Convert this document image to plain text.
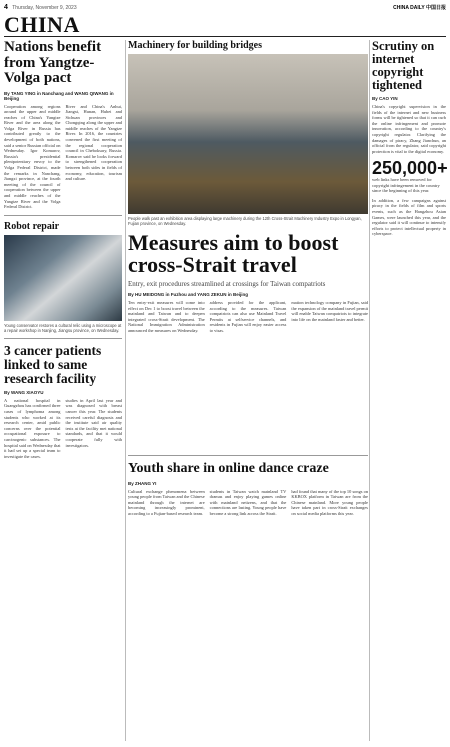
4 Thursday, November 9, 2023	CHINA DAILY 中国日报
CHINA
Nations benefit from Yangtze-Volga pact
By TANG YING in Nanchang and WANG QIWANG in Beijing
Cooperation among regions around the upper and middle reaches of China's Yangtze River and the area along the Volga River in Russia has contributed greatly to the development of both nations, said a senior Russian official on Wednesday. Igor Komarov, Russia's presidential plenipotentiary envoy to the Volga Federal District, made the remarks in Nanchang, Jiangxi province, at the fourth meeting of the council of cooperation between the upper and middle reaches of the Yangtze River and the Volga Federal District.
River and China's Anhui, Jiangxi, Hunan, Hubei and Sichuan provinces and Chongqing along the upper and middle reaches of the Yangtze River. In 2016, the countries convened the first meeting of the regional cooperation council in Cheboksary, Russia. Komarov said he looks forward to strengthened cooperation between both sides in fields of economy, education, tourism and culture.
Robot repair
Young conservator restores a cultural relic using a microscope at a repair workshop in Nanjing, Jiangsu province, on Wednesday.
3 cancer patients linked to same research facility
By WANG XIAOYU
A national hospital in Guangzhou has confirmed three cases of lymphoma among students who worked at its research center, amid public concerns over the potential occupational exposure to carcinogenic substances. The hospital said on Wednesday that it had set up a special team to investigate the cases.
studies in April last year and was diagnosed with breast cancer this year. The students received careful diagnosis and the institute said air quality tests at the facility met national standards, and that it would cooperate fully with investigators.
Machinery for building bridges
People walk past an exhibition area displaying large machinery during the 12th Cross-Strait Machinery Industry Expo in Longyan, Fujian province, on Wednesday.
Measures aim to boost cross-Strait travel
Entry, exit procedures streamlined at crossings for Taiwan compatriots
By HU MEIDONG in Fuzhou and YANG ZEKUN in Beijing
Ten entry-exit measures will come into effect on Dec 1 to boost travel between the mainland and Taiwan and to deepen integrated cross-Strait development. The National Immigration Administration announced the measures on Wednesday.
address provided for the applicant, according to the measures. Taiwan compatriots can also use Mainland Travel Permits at selfservice channels, and residents in Fujian will enjoy easier access to visas.
mation technology company in Fujian, said the expansion of the mainland travel permit will enable Taiwan compatriots to integrate into life on the mainland faster and better.
Youth share in online dance craze
By ZHANG YI
Cultural exchange phenomena between young people from Taiwan and the Chinese mainland through the internet are becoming increasingly prominent, according to a Fujian-based research team.
students in Taiwan watch mainland TV dramas and enjoy playing games online with mainland netizens, and that the connections are lasting. Young people have become a strong link across the Strait.
had found that many of the top 10 songs on KKBOX platform in Taiwan are from the Chinese mainland. More young people have taken part in cross-Strait exchanges on social media platforms this year.
Scrutiny on internet copyright tightened
By CAO YIN
China's copyright supervision in the fields of the internet and new business forms will be tightened so that it can curb the online infringement and promote innovation, according to the country's copyright regulator. Clarifying the damages of piracy, Zhang Jianchun, an official from the regulator, said copyright protection is vital to the digital economy.
250,000+
web links have been removed for copyright infringement in the country since the beginning of this year.
In addition, a few campaigns against piracy in the fields of film and sports events, such as the Hangzhou Asian Games, were launched this year, and the regulator said it will continue to intensify efforts to protect intellectual property in cyberspace.
